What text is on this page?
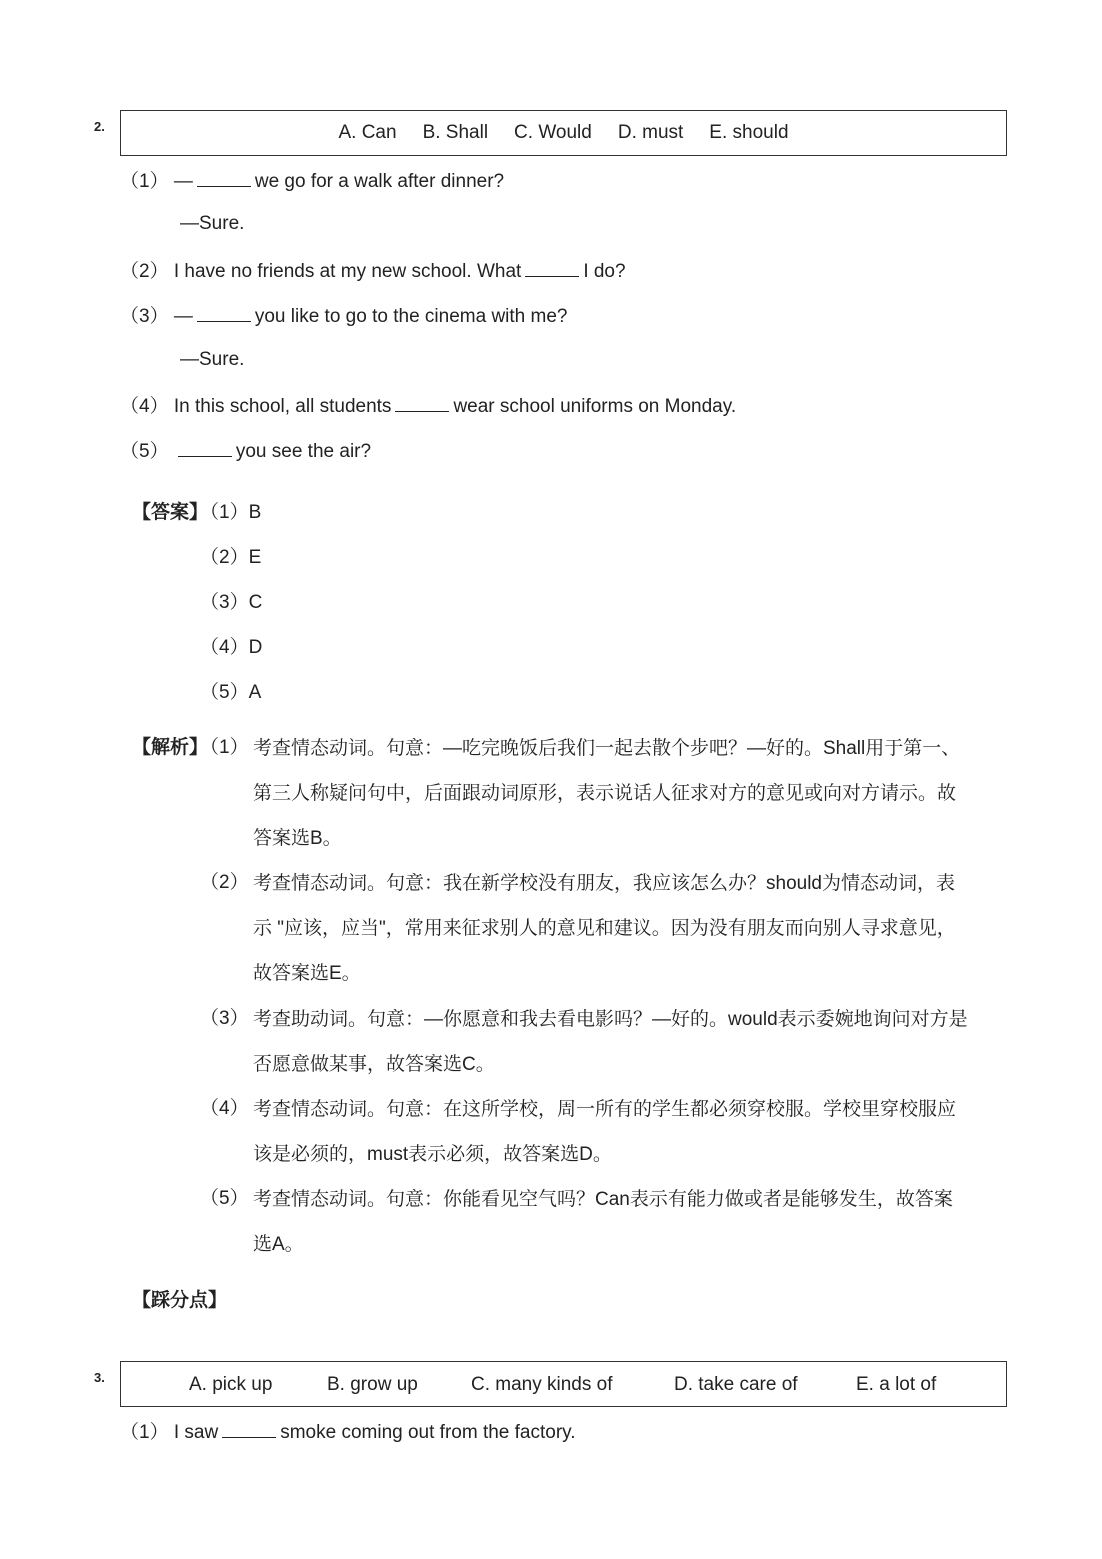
2.	A. Can B. Shall C. Would D. must E. should
（1） —	we go for a walk after dinner?
—Sure.
（2） I have no friends at my new school. What	I do?
（3） —	you like to go to the cinema with me?
—Sure.
（4） In this school, all students	wear school uniforms on Monday.
（5）	you see the air?
【答案】
（1）B
（2）E
（3）C
（4）D
（5）A
【解析】
（1） 考查情态动词。句意：—吃完晚饭后我们一起去散个步吧？—好的。Shall用于第一、

第三人称疑问句中，后面跟动词原形，表示说话人征求对方的意见或向对方请示。故

答案选B。

（2） 考查情态动词。句意：我在新学校没有朋友，我应该怎么办？should为情态动词，表

示 "应该，应当"，常用来征求别人的意见和建议。因为没有朋友而向别人寻求意见，

故答案选E。

（3） 考查助动词。句意：—你愿意和我去看电影吗？—好的。would表示委婉地询问对方是

否愿意做某事，故答案选C。

（4） 考查情态动词。句意：在这所学校，周一所有的学生都必须穿校服。学校里穿校服应

该是必须的，must表示必须，故答案选D。

（5） 考查情态动词。句意：你能看见空气吗？Can表示有能力做或者是能够发生，故答案

选A。

【踩分点】
3.	A. pick up	B. grow up	C. many kinds of	D. take care of	E. a lot of
（1） I saw	smoke coming out from the factory.
